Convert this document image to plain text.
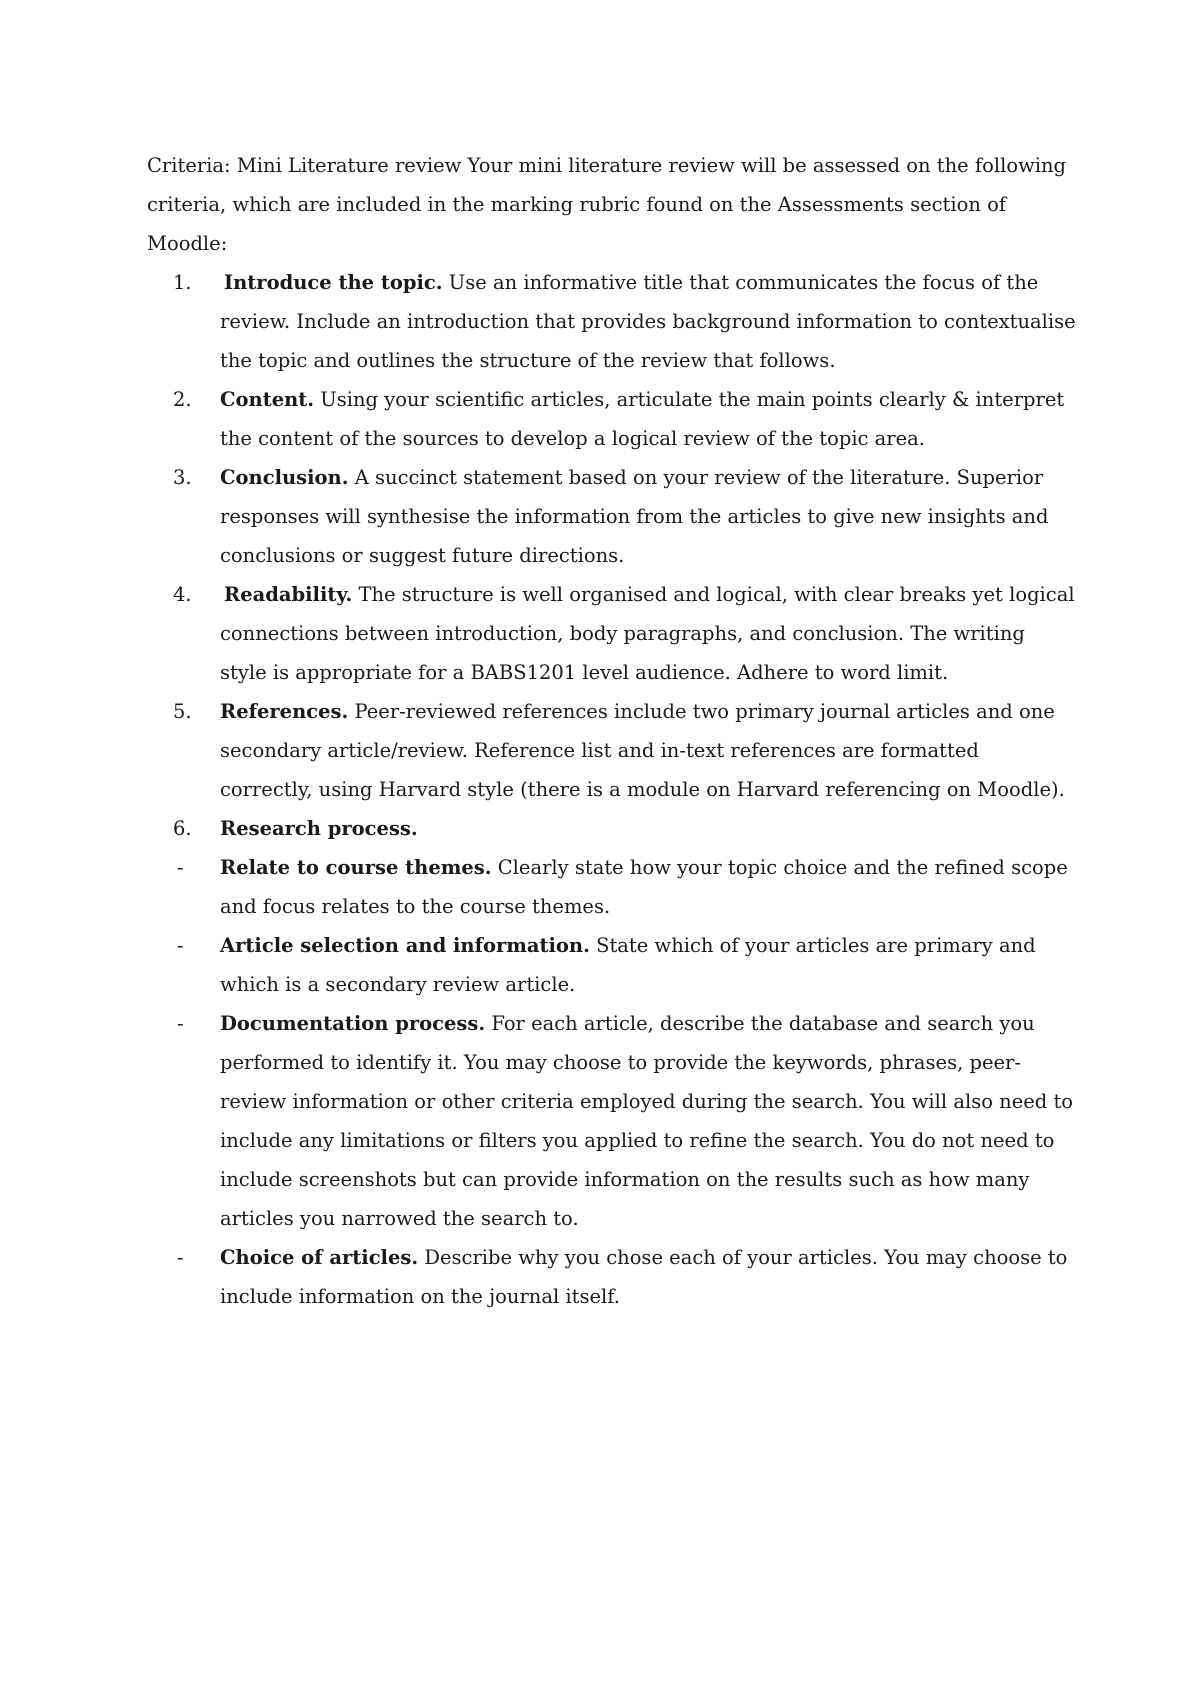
Criteria: Mini Literature review Your mini literature review will be assessed on the following criteria, which are included in the marking rubric found on the Assessments section of Moodle:

1. Introduce the topic. Use an informative title that communicates the focus of the review. Include an introduction that provides background information to contextualise the topic and outlines the structure of the review that follows.
2. Content. Using your scientific articles, articulate the main points clearly & interpret the content of the sources to develop a logical review of the topic area.
3. Conclusion. A succinct statement based on your review of the literature. Superior responses will synthesise the information from the articles to give new insights and conclusions or suggest future directions.
4. Readability. The structure is well organised and logical, with clear breaks yet logical connections between introduction, body paragraphs, and conclusion. The writing style is appropriate for a BABS1201 level audience. Adhere to word limit.
5. References. Peer-reviewed references include two primary journal articles and one secondary article/review. Reference list and in-text references are formatted correctly, using Harvard style (there is a module on Harvard referencing on Moodle).
6. Research process.
- Relate to course themes. Clearly state how your topic choice and the refined scope and focus relates to the course themes.
- Article selection and information. State which of your articles are primary and which is a secondary review article.
- Documentation process. For each article, describe the database and search you performed to identify it. You may choose to provide the keywords, phrases, peer-review information or other criteria employed during the search. You will also need to include any limitations or filters you applied to refine the search. You do not need to include screenshots but can provide information on the results such as how many articles you narrowed the search to.
- Choice of articles. Describe why you chose each of your articles. You may choose to include information on the journal itself.
